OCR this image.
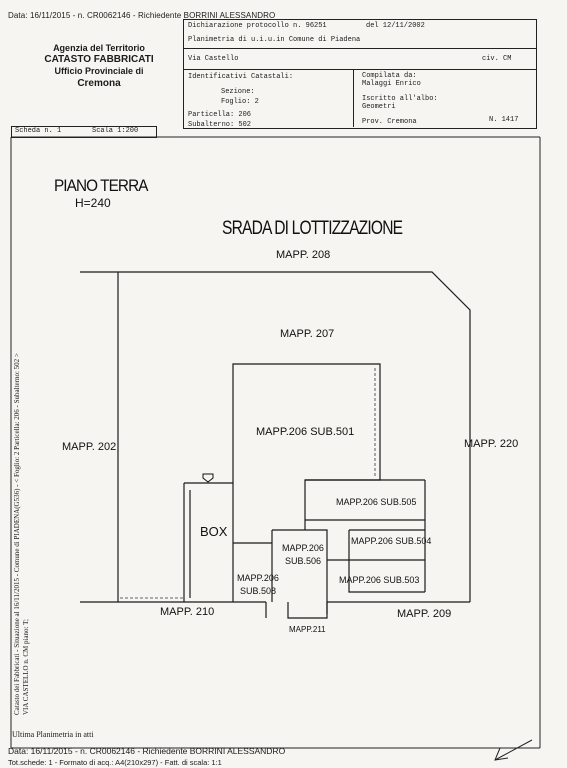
Data: 16/11/2015 - n. CR0062146 - Richiedente BORRINI ALESSANDRO
Agenzia del Territorio
CATASTO FABBRICATI
Ufficio Provinciale di
Cremona
Dichiarazione protocollo n. 96251	del 12/11/2002
Planimetria di u.i.u.in Comune di Piadena
Via Castello	civ. CM
Identificativi Catastali:
Sezione:
Foglio: 2
Particella: 206
Subalterno: 502
Compilata da:
Malaggi Enrico
Iscritto all'albo:
Geometri
Prov. Cremona	N. 1417
Scheda n. 1	Scala 1:200
PIANO TERRA
H=240
SRADA DI LOTTIZZAZIONE
MAPP. 208
MAPP. 207
MAPP.206 SUB.501
MAPP. 202	MAPP. 220
MAPP.206 SUB.505
BOX
MAPP.206
SUB.506
MAPP.206 SUB.504
MAPP.206
SUB.508
MAPP.206 SUB.503
MAPP. 210
MAPP.211
MAPP. 209
Catasto dei Fabbricati - Situazione al 16/11/2015 - Comune di PIADENA(G536) - < Foglio: 2 Particella: 206 - Subalterno: 502 > VIA CASTELLO n. CM piano: T;
Ultima Planimetria in atti
Data: 16/11/2015 - n. CR0062146 - Richiedente BORRINI ALESSANDRO
Tot.schede: 1 - Formato di acq.: A4(210x297) - Fatt. di scala: 1:1
